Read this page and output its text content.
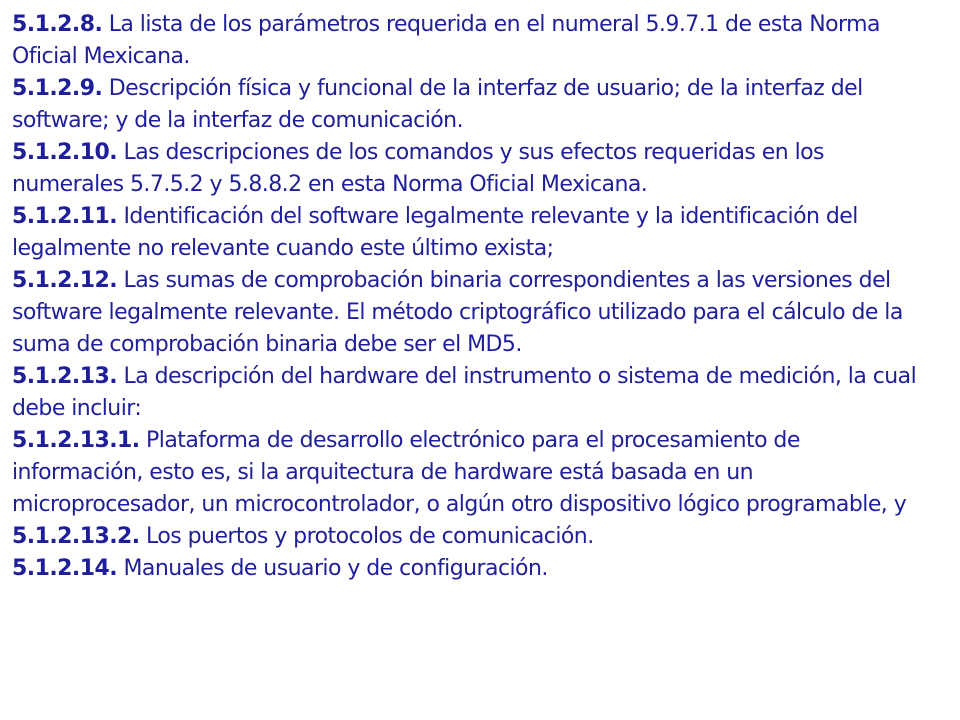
5.1.2.8. La lista de los parámetros requerida en el numeral 5.9.7.1 de esta Norma Oficial Mexicana.

5.1.2.9. Descripción física y funcional de la interfaz de usuario; de la interfaz del software; y de la interfaz de comunicación.

5.1.2.10. Las descripciones de los comandos y sus efectos requeridas en los numerales 5.7.5.2 y 5.8.8.2 en esta Norma Oficial Mexicana.

5.1.2.11. Identificación del software legalmente relevante y la identificación del legalmente no relevante cuando este último exista;

5.1.2.12. Las sumas de comprobación binaria correspondientes a las versiones del software legalmente relevante. El método criptográfico utilizado para el cálculo de la suma de comprobación binaria debe ser el MD5.

5.1.2.13. La descripción del hardware del instrumento o sistema de medición, la cual debe incluir:

5.1.2.13.1. Plataforma de desarrollo electrónico para el procesamiento de información, esto es, si la arquitectura de hardware está basada en un microprocesador, un microcontrolador, o algún otro dispositivo lógico programable, y

5.1.2.13.2. Los puertos y protocolos de comunicación.

5.1.2.14. Manuales de usuario y de configuración.
